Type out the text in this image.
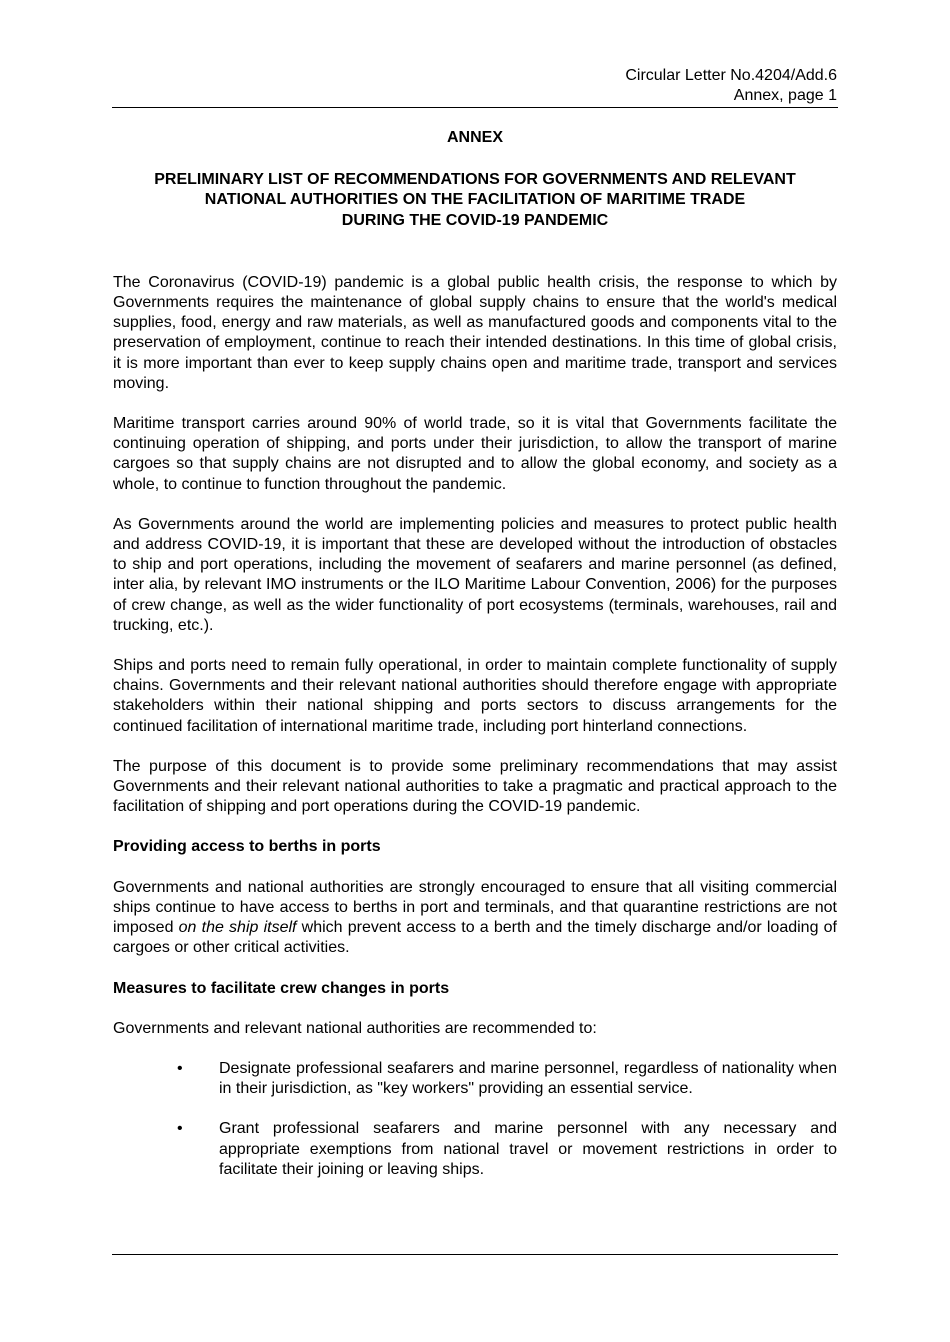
Circular Letter No.4204/Add.6
Annex, page 1

ANNEX

PRELIMINARY LIST OF RECOMMENDATIONS FOR GOVERNMENTS AND RELEVANT
NATIONAL AUTHORITIES ON THE FACILITATION OF MARITIME TRADE
DURING THE COVID-19 PANDEMIC

The Coronavirus (COVID-19) pandemic is a global public health crisis, the response to which by Governments requires the maintenance of global supply chains to ensure that the world's medical supplies, food, energy and raw materials, as well as manufactured goods and components vital to the preservation of employment, continue to reach their intended destinations. In this time of global crisis, it is more important than ever to keep supply chains open and maritime trade, transport and services moving.

Maritime transport carries around 90% of world trade, so it is vital that Governments facilitate the continuing operation of shipping, and ports under their jurisdiction, to allow the transport of marine cargoes so that supply chains are not disrupted and to allow the global economy, and society as a whole, to continue to function throughout the pandemic.

As Governments around the world are implementing policies and measures to protect public health and address COVID-19, it is important that these are developed without the introduction of obstacles to ship and port operations, including the movement of seafarers and marine personnel (as defined, inter alia, by relevant IMO instruments or the ILO Maritime Labour Convention, 2006) for the purposes of crew change, as well as the wider functionality of port ecosystems (terminals, warehouses, rail and trucking, etc.).

Ships and ports need to remain fully operational, in order to maintain complete functionality of supply chains. Governments and their relevant national authorities should therefore engage with appropriate stakeholders within their national shipping and ports sectors to discuss arrangements for the continued facilitation of international maritime trade, including port hinterland connections.

The purpose of this document is to provide some preliminary recommendations that may assist Governments and their relevant national authorities to take a pragmatic and practical approach to the facilitation of shipping and port operations during the COVID-19 pandemic.

Providing access to berths in ports

Governments and national authorities are strongly encouraged to ensure that all visiting commercial ships continue to have access to berths in port and terminals, and that quarantine restrictions are not imposed on the ship itself which prevent access to a berth and the timely discharge and/or loading of cargoes or other critical activities.

Measures to facilitate crew changes in ports

Governments and relevant national authorities are recommended to:

• Designate professional seafarers and marine personnel, regardless of nationality when in their jurisdiction, as "key workers" providing an essential service.
• Grant professional seafarers and marine personnel with any necessary and appropriate exemptions from national travel or movement restrictions in order to facilitate their joining or leaving ships.
